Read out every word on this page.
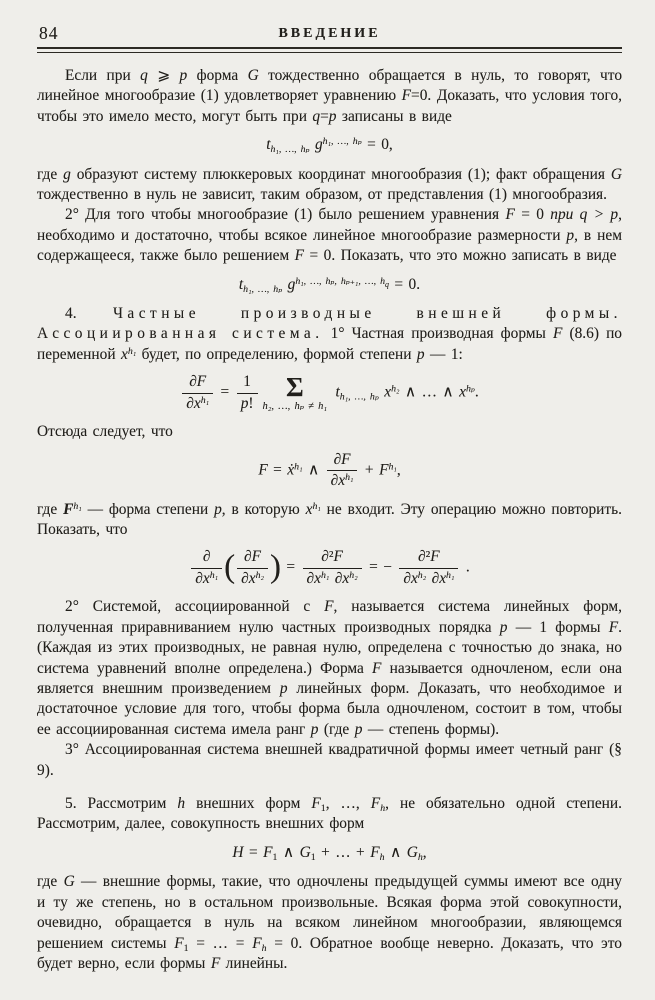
84	ВВЕДЕНИЕ
Если при q ⩾ p форма G тождественно обращается в нуль, то говорят, что линейное многообразие (1) удовлетворяет уравнению F=0. Доказать, что условия того, чтобы это имело место, могут быть при q=p записаны в виде
$t_{h_1, \dots, h_p}$ $g^{h_1, \dots, h_p} = 0$,
где g образуют систему плюккеровых координат многообразия (1); факт обращения G тождественно в нуль не зависит, таким образом, от представления (1) многообразия.
2° Для того чтобы многообразие (1) было решением уравнения F = 0 при q > p, необходимо и достаточно, чтобы всякое линейное многообразие размерности p, в нем содержащееся, также было решением F = 0. Показать, что это можно записать в виде
$t_{h_1, \dots, h_p}$ $g^{h_1, \dots, h_p, h_{p+1}, \dots, h_q} = 0$.
4. Частные производные внешней формы. Ассоциированная система. 1° Частная производная формы F (8.6) по переменной $x^{h_1}$ будет, по определению, формой степени p — 1:
$\frac{\partial F}{\partial x^{h_1}} = \frac{1}{p!}$	Σ
h₂, …, hₚ ≠ h₁
$t_{h_1, \dots, h_p}$ $x^{h_2}$ ∧ … ∧ $x^{h_p}$.
Отсюда следует, что
F = ẋ$^{h_1}$ ∧ $\frac{\partial F}{\partial x^{h_1}} + F^{h_1}$,
где $F^{h_1}$ — форма степени p, в которую $x^{h_1}$ не входит. Эту операцию можно повторить. Показать, что
$\frac{\partial}{\partial x^{h_1}}$ ( $\frac{\partial F}{\partial x^{h_2}}$ ) = $\frac{\text{∂²F}}{\partial x^{h_1} \partial x^{h_2}}$ = − $\frac{\text{∂²F}}{\partial x^{h_2} \partial x^{h_1}}$ .
2° Системой, ассоциированной с F, называется система линейных форм, полученная приравниванием нулю частных производных порядка p — 1 формы F. (Каждая из этих производных, не равная нулю, определена с точностью до знака, но система уравнений вполне определена.) Форма F называется одночленом, если она является внешним произведением p линейных форм. Доказать, что необходимое и достаточное условие для того, чтобы форма была одночленом, состоит в том, чтобы ее ассоциированная система имела ранг p (где p — степень формы).
3° Ассоциированная система внешней квадратичной формы имеет четный ранг (§ 9).
5. Рассмотрим h внешних форм $F_1$, …, $F_h$, не обязательно одной степени. Рассмотрим, далее, совокупность внешних форм
$H = F_1$ ∧ $G_1$ + … + $F_h$ ∧ $G_h$,
где G — внешние формы, такие, что одночлены предыдущей суммы имеют все одну и ту же степень, но в остальном произвольные. Всякая форма этой совокупности, очевидно, обращается в нуль на всяком линейном многообразии, являющемся решением системы $F_1$ = … = $F_h = 0$. Обратное вообще неверно. Доказать, что это будет верно, если формы F линейны.
